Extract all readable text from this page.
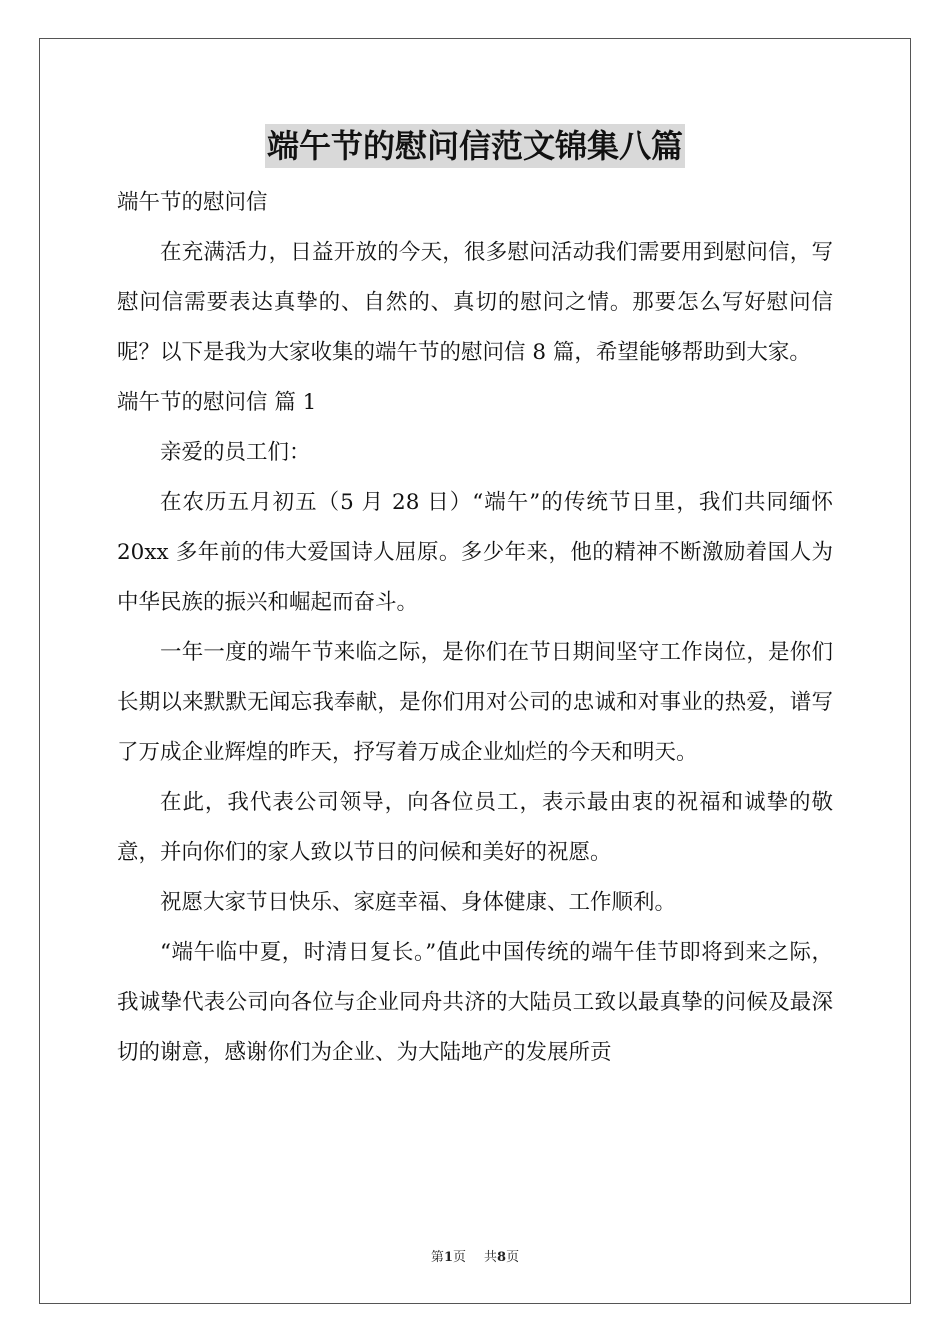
端午节的慰问信范文锦集八篇

端午节的慰问信

在充满活力，日益开放的今天，很多慰问活动我们需要用到慰问信，写慰问信需要表达真挚的、自然的、真切的慰问之情。那要怎么写好慰问信呢？以下是我为大家收集的端午节的慰问信 8 篇，希望能够帮助到大家。

端午节的慰问信 篇 1

亲爱的员工们：

在农历五月初五（5 月 28 日）“端午”的传统节日里，我们共同缅怀 20xx 多年前的伟大爱国诗人屈原。多少年来，他的精神不断激励着国人为中华民族的振兴和崛起而奋斗。

一年一度的端午节来临之际，是你们在节日期间坚守工作岗位，是你们长期以来默默无闻忘我奉献，是你们用对公司的忠诚和对事业的热爱，谱写了万成企业辉煌的昨天，抒写着万成企业灿烂的今天和明天。

在此，我代表公司领导，向各位员工，表示最由衷的祝福和诚挚的敬意，并向你们的家人致以节日的问候和美好的祝愿。

祝愿大家节日快乐、家庭幸福、身体健康、工作顺利。

“端午临中夏，时清日复长。”值此中国传统的端午佳节即将到来之际，我诚挚代表公司向各位与企业同舟共济的大陆员工致以最真挚的问候及最深切的谢意，感谢你们为企业、为大陆地产的发展所贡

第1页 共8页
